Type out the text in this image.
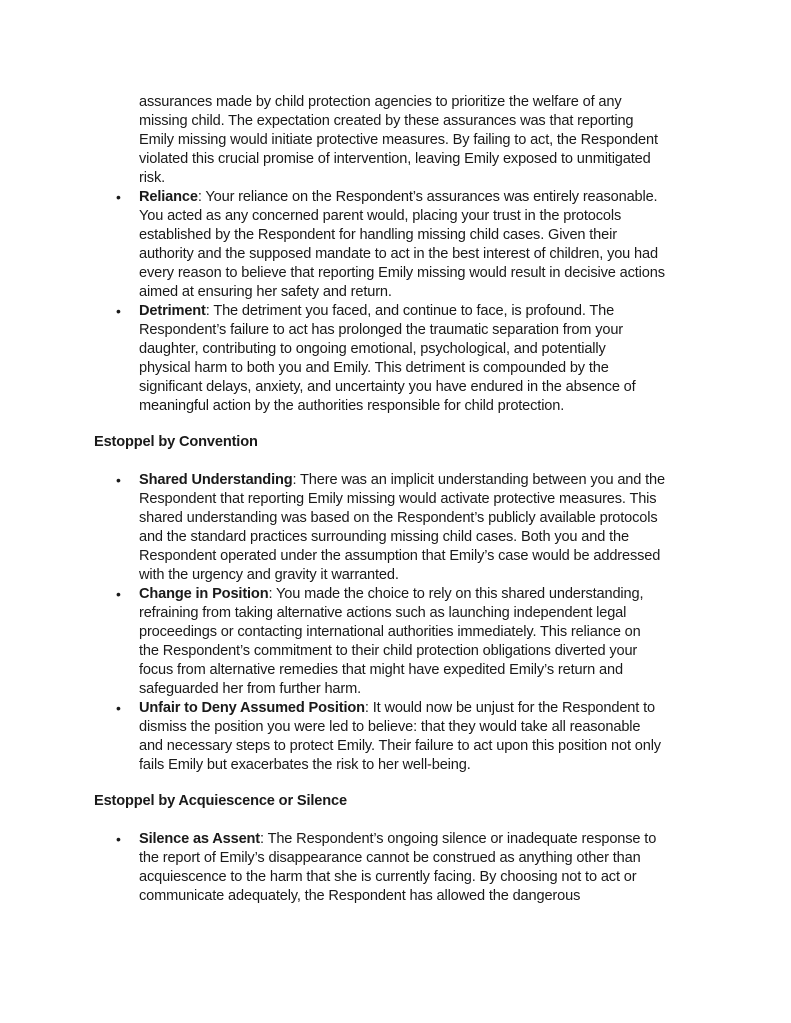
assurances made by child protection agencies to prioritize the welfare of any
missing child. The expectation created by these assurances was that reporting
Emily missing would initiate protective measures. By failing to act, the Respondent
violated this crucial promise of intervention, leaving Emily exposed to unmitigated
risk.
• Reliance: Your reliance on the Respondent’s assurances was entirely reasonable.
You acted as any concerned parent would, placing your trust in the protocols
established by the Respondent for handling missing child cases. Given their
authority and the supposed mandate to act in the best interest of children, you had
every reason to believe that reporting Emily missing would result in decisive actions
aimed at ensuring her safety and return.
• Detriment: The detriment you faced, and continue to face, is profound. The
Respondent’s failure to act has prolonged the traumatic separation from your
daughter, contributing to ongoing emotional, psychological, and potentially
physical harm to both you and Emily. This detriment is compounded by the
significant delays, anxiety, and uncertainty you have endured in the absence of
meaningful action by the authorities responsible for child protection.
Estoppel by Convention
• Shared Understanding: There was an implicit understanding between you and the
Respondent that reporting Emily missing would activate protective measures. This
shared understanding was based on the Respondent’s publicly available protocols
and the standard practices surrounding missing child cases. Both you and the
Respondent operated under the assumption that Emily’s case would be addressed
with the urgency and gravity it warranted.
• Change in Position: You made the choice to rely on this shared understanding,
refraining from taking alternative actions such as launching independent legal
proceedings or contacting international authorities immediately. This reliance on
the Respondent’s commitment to their child protection obligations diverted your
focus from alternative remedies that might have expedited Emily’s return and
safeguarded her from further harm.
• Unfair to Deny Assumed Position: It would now be unjust for the Respondent to
dismiss the position you were led to believe: that they would take all reasonable
and necessary steps to protect Emily. Their failure to act upon this position not only
fails Emily but exacerbates the risk to her well-being.
Estoppel by Acquiescence or Silence
• Silence as Assent: The Respondent’s ongoing silence or inadequate response to
the report of Emily’s disappearance cannot be construed as anything other than
acquiescence to the harm that she is currently facing. By choosing not to act or
communicate adequately, the Respondent has allowed the dangerous
